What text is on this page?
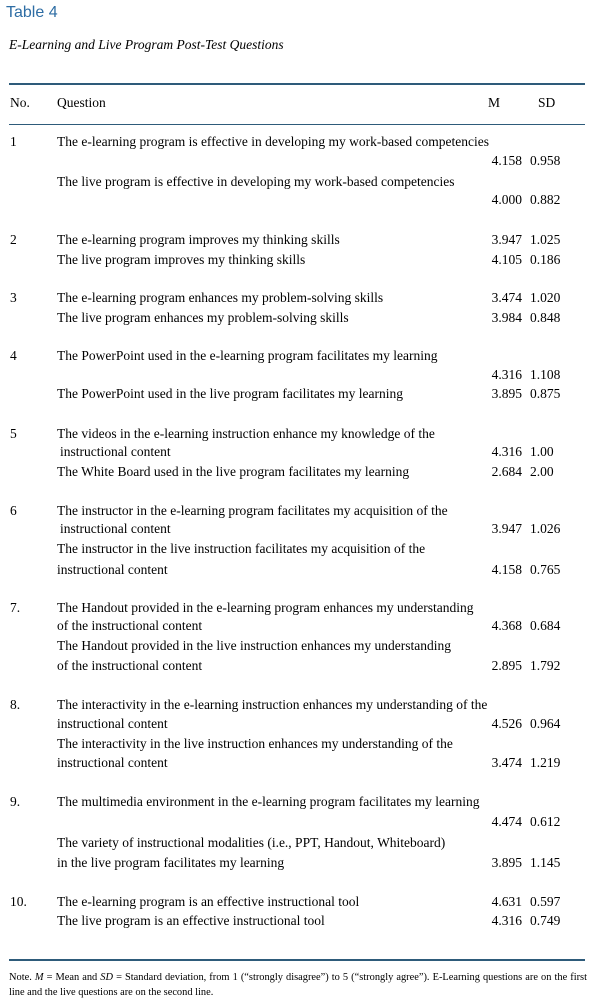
Table 4
E-Learning and Live Program Post-Test Questions
No. Question	M	SD
1	The e-learning program is effective in developing my work-based competencies
4.158 0.958
The live program is effective in developing my work-based competencies
4.000 0.882
2	The e-learning program improves my thinking skills	3.947 1.025
The live program improves my thinking skills	4.105 0.186
3	The e-learning program enhances my problem-solving skills	3.474 1.020
The live program enhances my problem-solving skills	3.984 0.848
4	The PowerPoint used in the e-learning program facilitates my learning
4.316 1.108
The PowerPoint used in the live program facilitates my learning	3.895 0.875
5	The videos in the e-learning instruction enhance my knowledge of the
instructional content	4.316 1.00
The White Board used in the live program facilitates my learning	2.684 2.00
6	The instructor in the e-learning program facilitates my acquisition of the
instructional content	3.947 1.026
The instructor in the live instruction facilitates my acquisition of the
instructional content	4.158 0.765
7.	The Handout provided in the e-learning program enhances my understanding
of the instructional content	4.368 0.684
The Handout provided in the live instruction enhances my understanding
of the instructional content	2.895 1.792
8.	The interactivity in the e-learning instruction enhances my understanding of the
instructional content	4.526 0.964
The interactivity in the live instruction enhances my understanding of the
instructional content	3.474 1.219
9.	The multimedia environment in the e-learning program facilitates my learning
4.474 0.612
The variety of instructional modalities (i.e., PPT, Handout, Whiteboard)
in the live program facilitates my learning	3.895 1.145
10. The e-learning program is an effective instructional tool	4.631 0.597
The live program is an effective instructional tool	4.316 0.749
Note. M = Mean and SD = Standard deviation, from 1 (“strongly disagree”) to 5 (“strongly agree”). E-Learning questions are on the first line and the live questions are on the second line.
